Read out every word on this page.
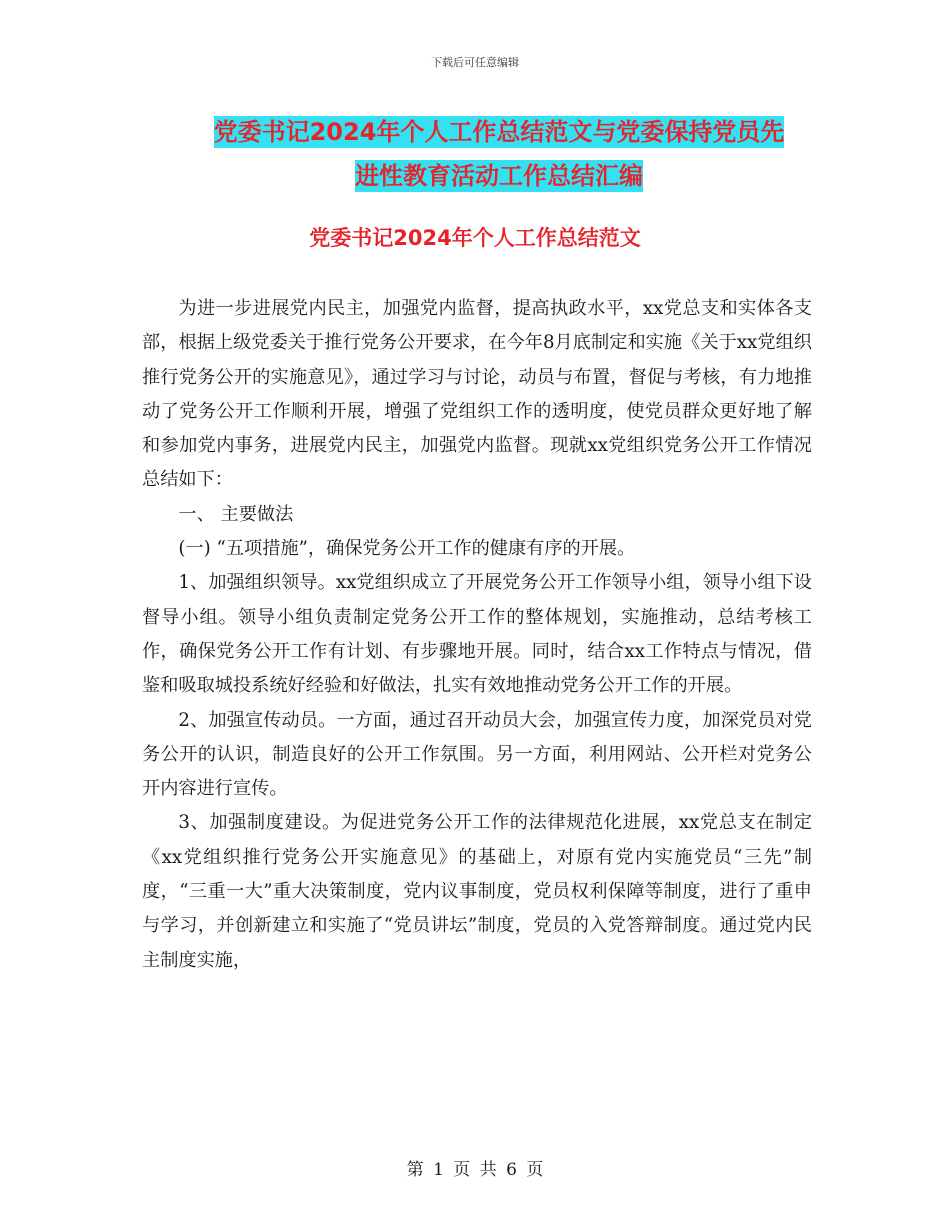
下载后可任意编辑
党委书记2024年个人工作总结范文与党委保持党员先
进性教育活动工作总结汇编
党委书记2024年个人工作总结范文

为进一步进展党内民主，加强党内监督，提高执政水平，xx党总支和实体各支部，根据上级党委关于推行党务公开要求，在今年8月底制定和实施《关于xx党组织推行党务公开的实施意见》，通过学习与讨论，动员与布置，督促与考核，有力地推动了党务公开工作顺利开展，增强了党组织工作的透明度，使党员群众更好地了解和参加党内事务，进展党内民主，加强党内监督。现就xx党组织党务公开工作情况总结如下：

一、 主要做法

(一) “五项措施”，确保党务公开工作的健康有序的开展。

1、加强组织领导。xx党组织成立了开展党务公开工作领导小组，领导小组下设督导小组。领导小组负责制定党务公开工作的整体规划，实施推动，总结考核工作，确保党务公开工作有计划、有步骤地开展。同时，结合xx工作特点与情况，借鉴和吸取城投系统好经验和好做法，扎实有效地推动党务公开工作的开展。

2、加强宣传动员。一方面，通过召开动员大会，加强宣传力度，加深党员对党务公开的认识，制造良好的公开工作氛围。另一方面，利用网站、公开栏对党务公开内容进行宣传。

3、加强制度建设。为促进党务公开工作的法律规范化进展，xx党总支在制定《xx党组织推行党务公开实施意见》的基础上，对原有党内实施党员“三先”制度，“三重一大”重大决策制度，党内议事制度，党员权利保障等制度，进行了重申与学习，并创新建立和实施了“党员讲坛”制度，党员的入党答辩制度。通过党内民主制度实施，

第 1 页 共 6 页
